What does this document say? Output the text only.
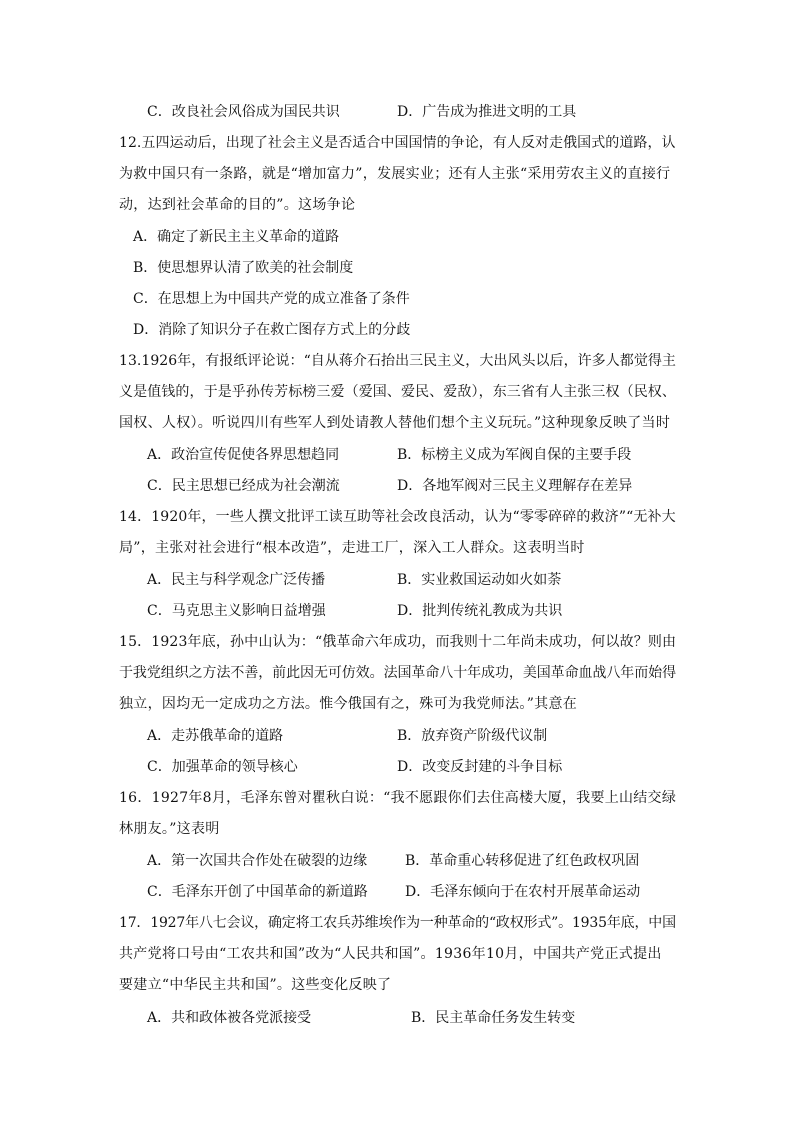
C．改良社会风俗成为国民共识	D．广告成为推进文明的工具
12.五四运动后，出现了社会主义是否适合中国国情的争论，有人反对走俄国式的道路，认
为救中国只有一条路，就是“增加富力”，发展实业；还有人主张“采用劳农主义的直接行
动，达到社会革命的目的”。这场争论
A．确定了新民主主义革命的道路
B．使思想界认清了欧美的社会制度
C．在思想上为中国共产党的成立准备了条件
D．消除了知识分子在救亡图存方式上的分歧
13.1926年，有报纸评论说：“自从蒋介石抬出三民主义，大出风头以后，许多人都觉得主
义是值钱的，于是乎孙传芳标榜三爱（爱国、爱民、爱敌），东三省有人主张三权（民权、
国权、人权）。听说四川有些军人到处请教人替他们想个主义玩玩。”这种现象反映了当时
A．政治宣传促使各界思想趋同	B．标榜主义成为军阀自保的主要手段
C．民主思想已经成为社会潮流	D．各地军阀对三民主义理解存在差异
14．1920年，一些人撰文批评工读互助等社会改良活动，认为“零零碎碎的救济”“无补大
局”，主张对社会进行“根本改造”，走进工厂，深入工人群众。这表明当时
A．民主与科学观念广泛传播	B．实业救国运动如火如荼
C．马克思主义影响日益增强	D．批判传统礼教成为共识
15．1923年底，孙中山认为：“俄革命六年成功，而我则十二年尚未成功，何以故？则由
于我党组织之方法不善，前此因无可仿效。法国革命八十年成功，美国革命血战八年而始得
独立，因均无一定成功之方法。惟今俄国有之，殊可为我党师法。”其意在
A．走苏俄革命的道路	B．放弃资产阶级代议制
C．加强革命的领导核心	D．改变反封建的斗争目标
16．1927年8月，毛泽东曾对瞿秋白说：“我不愿跟你们去住高楼大厦，我要上山结交绿
林朋友。”这表明
A．第一次国共合作处在破裂的边缘	B．革命重心转移促进了红色政权巩固
C．毛泽东开创了中国革命的新道路	D．毛泽东倾向于在农村开展革命运动
17．1927年八七会议，确定将工农兵苏维埃作为一种革命的“政权形式”。1935年底，中国
共产党将口号由“工农共和国”改为“人民共和国”。1936年10月，中国共产党正式提出
要建立“中华民主共和国”。这些变化反映了
A．共和政体被各党派接受	B．民主革命任务发生转变
